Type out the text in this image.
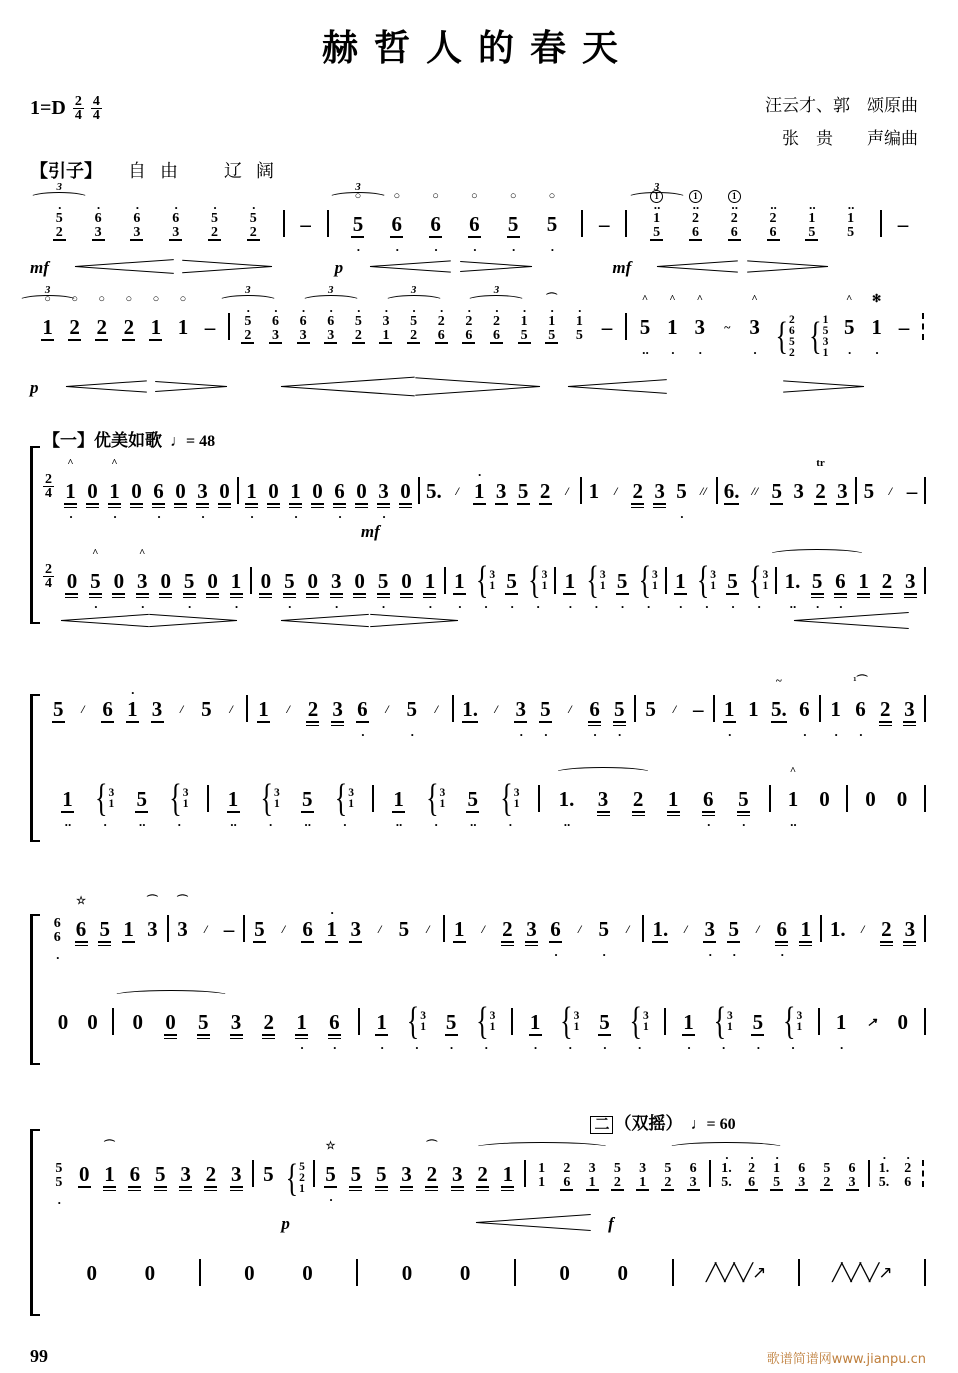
赫哲人的春天
$1=D \frac{2}{4} \frac{4}{4}$	汪云才、郭　颂原曲
张　贵　　声编曲
【引子】 自由　辽阔
3
·
5
2
·
6
3
·
6
3
·
6
3
·
5
2
·
5
2 –
3
○
5
·
○
6
·
○
6
·
○
6
·
○
5
·
○
5
·
–
3
1
··
1
5
1
··
2
6
1
··
2
6
··
2
6
··
1
5
··
1
5 –
mf	p	mf
3
○
1
○
2
○
2
○
2
○
1
○
1 –
3
·
5
2
·
6
3
·
6
3
3
·
6
3
·
5
2
·
3
1
3
·
5
2
·
2
6
·
2
6
3
·
2
6
·
1
5
⌒
·
1
5
·
1
5 –
^
5
··
^
1
·
^
3
·
~
^
3
· { 2
6
5
2 { 1
5
3
1
^
5
·
✻
1
·
–
p
【一】优美如歌 ♩= 48
$\frac{2}{4}$
^
1
·
0
^
1
·
0 6
·
0 3
·
0 1
·
0 1
·
0 6
·
0 3
·
0 5.	/
·
1 3 5 2	/ 1	/ 2 3 5
·
// 6. // 5 3
tr
2 3 5	/ –
mf
$\frac{2}{4} 0$
^
5
·
0
^
3
·
0 5
·
0 1
·
0 5
·
0 3
·
0 5
·
0 1
·
1
·
{ 3
1
·
5
·
{ 3
1
·
1
·
{ 3
1
·
5
·
{ 3
1
·
1
·
{ 3
1
·
5
·
{ 3
1
·
1.
··
5
·
6
·
1 2 3
5	/ 6
·
1 3	/ 5	/ 1	/ 2 3 6
·
/ 5
·
/ 1.	/ 3
·
5
·
/ 6
·
5
·
5	/ – 1
·
1
~
5. 6
·
1
·
¹⌒
6
·
2 3
1
··
{ 3
1
·
5
··
{ 3
1
·
1
··
{ 3
1
·
5
··
{ 3
1
·
1
··
{ 3
1
·
5
··
{ 3
1
·
1.
··
3 2 1 6
·
5
·
^
1
··
0 0 0
6
6
·
☆
6 5 1
⌒
3
⌒
3	/ – 5	/ 6
·
1 3	/ 5	/ 1	/ 2 3 6
·
/ 5
·
/ 1.	/ 3
·
5
·
/ 6
·
1 1.	/ 2 3
0 0 0 0 5 3 2 1
·
6
·
1
·
{ 3
1
·
5
·
{ 3
1
·
1
·
{ 3
1
·
5
·
{ 3
1
·
1
·
{ 3
1
·
5
·
{ 3
1
·
1
·
↗ 0
二 （双摇） ♩= 60
5
5
·
0
⌒
1 6 5 3 2 3 5 { 5
2
1
☆
5
·
5 5 3
⌒
2 3 2 1 1
1
2
6
3
1
5
2
3
1
5
2
6
3
·
1.
5.
·
2
6
·
1
5
6
3
5
2
6
3
·
1.
5.
·
2
6
p	f
0 0	0 0	0 0	0 0	╱╲╱╲╱↗	╱╲╱╲╱↗
99	歌谱简谱网www.jianpu.cn
